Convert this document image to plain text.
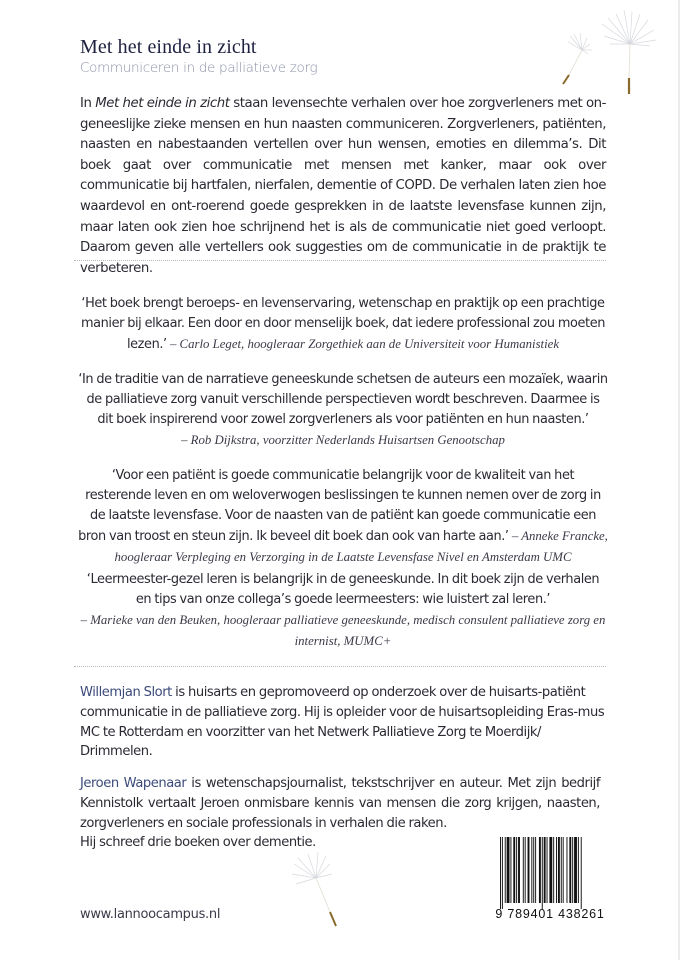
Met het einde in zicht
Communiceren in de palliatieve zorg
In Met het einde in zicht staan levensechte verhalen over hoe zorgverleners met on-geneeslijke zieke mensen en hun naasten communiceren. Zorgverleners, patiënten, naasten en nabestaanden vertellen over hun wensen, emoties en dilemma’s. Dit boek gaat over communicatie met mensen met kanker, maar ook over communicatie bij hartfalen, nierfalen, dementie of COPD. De verhalen laten zien hoe waardevol en ont-roerend goede gesprekken in de laatste levensfase kunnen zijn, maar laten ook zien hoe schrijnend het is als de communicatie niet goed verloopt. Daarom geven alle vertellers ook suggesties om de communicatie in de praktijk te verbeteren.
‘Het boek brengt beroeps- en levenservaring, wetenschap en praktijk op een prachtige manier bij elkaar. Een door en door menselijk boek, dat iedere professional zou moeten lezen.’ – Carlo Leget, hoogleraar Zorgethiek aan de Universiteit voor Humanistiek
‘In de traditie van de narratieve geneeskunde schetsen de auteurs een mozaïek, waarin de palliatieve zorg vanuit verschillende perspectieven wordt beschreven. Daarmee is dit boek inspirerend voor zowel zorgverleners als voor patiënten en hun naasten.’
– Rob Dijkstra, voorzitter Nederlands Huisartsen Genootschap
‘Voor een patiënt is goede communicatie belangrijk voor de kwaliteit van het resterende leven en om weloverwogen beslissingen te kunnen nemen over de zorg in de laatste levensfase. Voor de naasten van de patiënt kan goede communicatie een bron van troost en steun zijn. Ik beveel dit boek dan ook van harte aan.’ – Anneke Francke, hoogleraar Verpleging en Verzorging in de Laatste Levensfase Nivel en Amsterdam UMC
‘Leermeester-gezel leren is belangrijk in de geneeskunde. In dit boek zijn de verhalen en tips van onze collega’s goede leermeesters: wie luistert zal leren.’
– Marieke van den Beuken, hoogleraar palliatieve geneeskunde, medisch consulent palliatieve zorg en internist, MUMC+
Willemjan Slort is huisarts en gepromoveerd op onderzoek over de huisarts-patiënt communicatie in de palliatieve zorg. Hij is opleider voor de huisartsopleiding Eras-mus MC te Rotterdam en voorzitter van het Netwerk Palliatieve Zorg te Moerdijk/ Drimmelen.
Jeroen Wapenaar is wetenschapsjournalist, tekstschrijver en auteur. Met zijn bedrijf Kennistolk vertaalt Jeroen onmisbare kennis van mensen die zorg krijgen, naasten, zorgverleners en sociale professionals in verhalen die raken.
Hij schreef drie boeken over dementie.
www.lannoocampus.nl	9 789401 438261
